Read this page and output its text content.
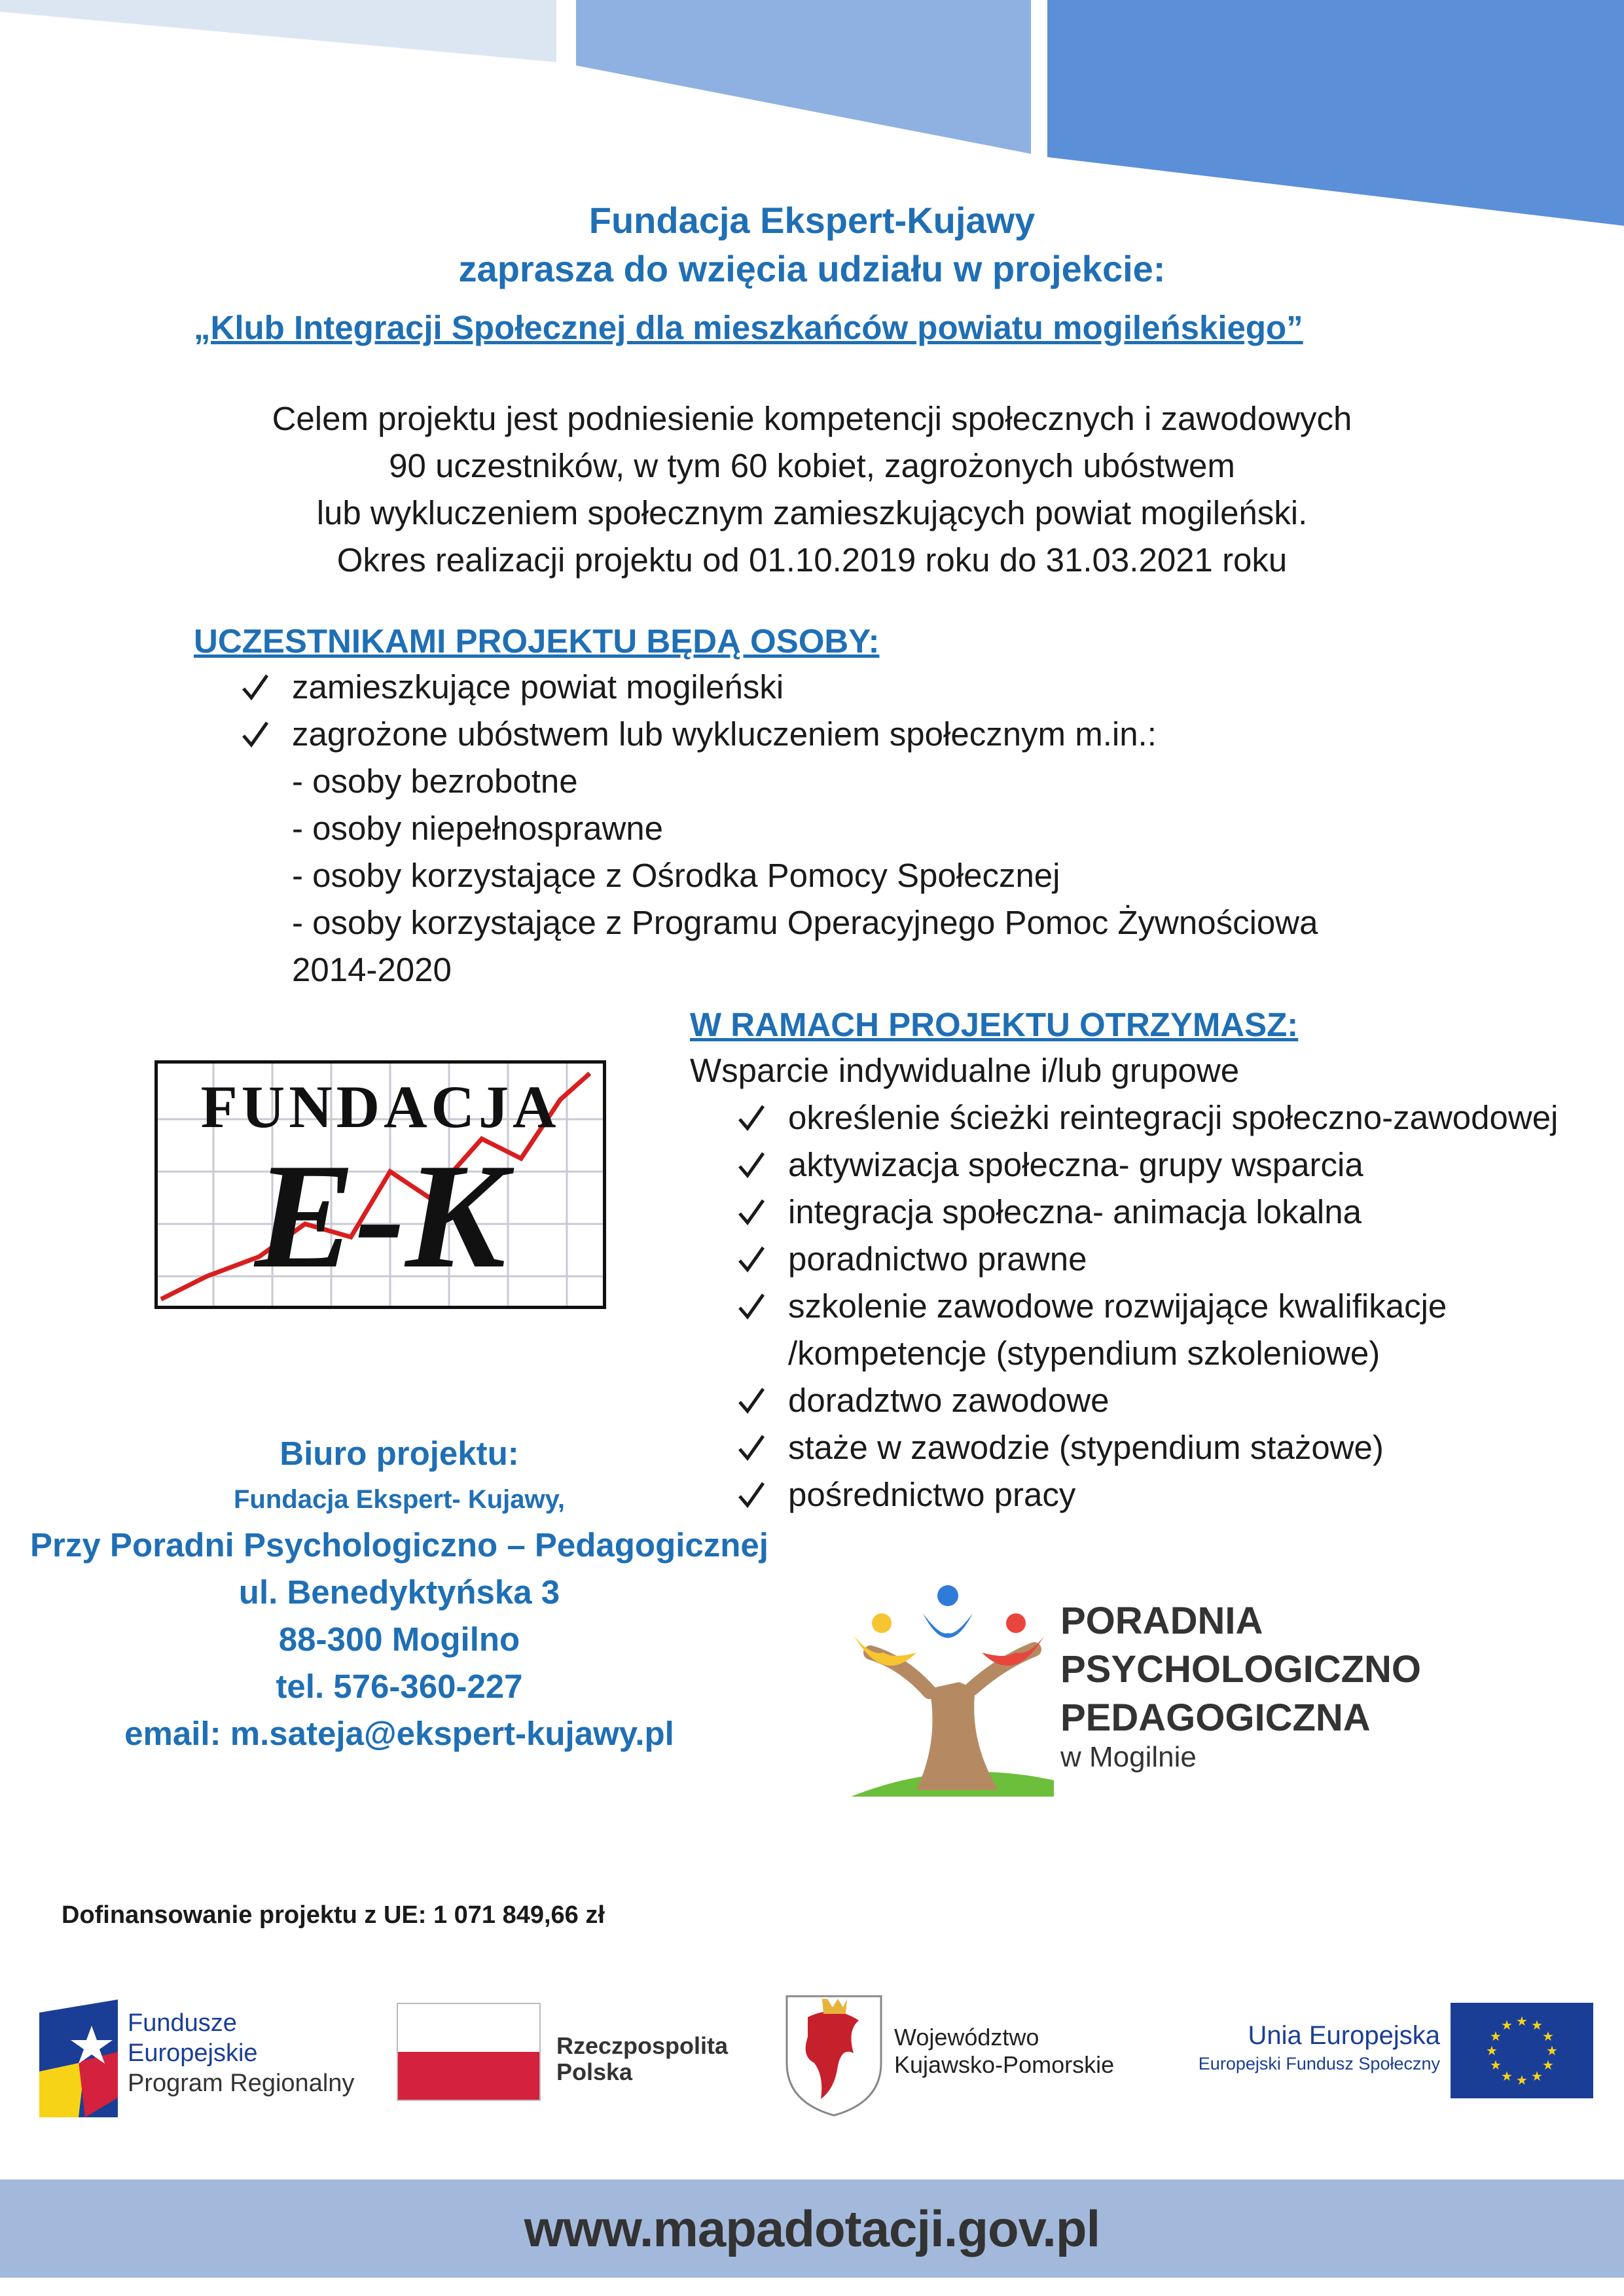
Fundacja Ekspert-Kujawy
zaprasza do wzięcia udziału w projekcie:
„Klub Integracji Społecznej dla mieszkańców powiatu mogileńskiego”
Celem projektu jest podniesienie kompetencji społecznych i zawodowych
90 uczestników, w tym 60 kobiet, zagrożonych ubóstwem
lub wykluczeniem społecznym zamieszkujących powiat mogileński.
Okres realizacji projektu od 01.10.2019 roku do 31.03.2021 roku
UCZESTNIKAMI PROJEKTU BĘDĄ OSOBY:
zamieszkujące powiat mogileński
zagrożone ubóstwem lub wykluczeniem społecznym m.in.:
- osoby bezrobotne
- osoby niepełnosprawne
- osoby korzystające z Ośrodka Pomocy Społecznej
- osoby korzystające z Programu Operacyjnego Pomoc Żywnościowa
2014-2020
W RAMACH PROJEKTU OTRZYMASZ:
Wsparcie indywidualne i/lub grupowe
określenie ścieżki reintegracji społeczno-zawodowej
aktywizacja społeczna- grupy wsparcia
integracja społeczna- animacja lokalna
poradnictwo prawne
szkolenie zawodowe rozwijające kwalifikacje /kompetencje (stypendium szkoleniowe)
doradztwo zawodowe
staże w zawodzie (stypendium stażowe)
pośrednictwo pracy
FUNDACJA
E-K
Biuro projektu:
Fundacja Ekspert- Kujawy,
Przy Poradni Psychologiczno – Pedagogicznej
ul. Benedyktyńska 3
88-300 Mogilno
tel. 576-360-227
email: m.sateja@ekspert-kujawy.pl
PORADNIA
PSYCHOLOGICZNO
PEDAGOGICZNA
w Mogilnie
Dofinansowanie projektu z UE: 1 071 849,66 zł
Fundusze
Europejskie
Program Regionalny
Rzeczpospolita
Polska
Województwo
Kujawsko-Pomorskie
Unia Europejska
Europejski Fundusz Społeczny
★ ★
★
★
★
★
★
★
★
★
★
★
www.mapadotacji.gov.pl
